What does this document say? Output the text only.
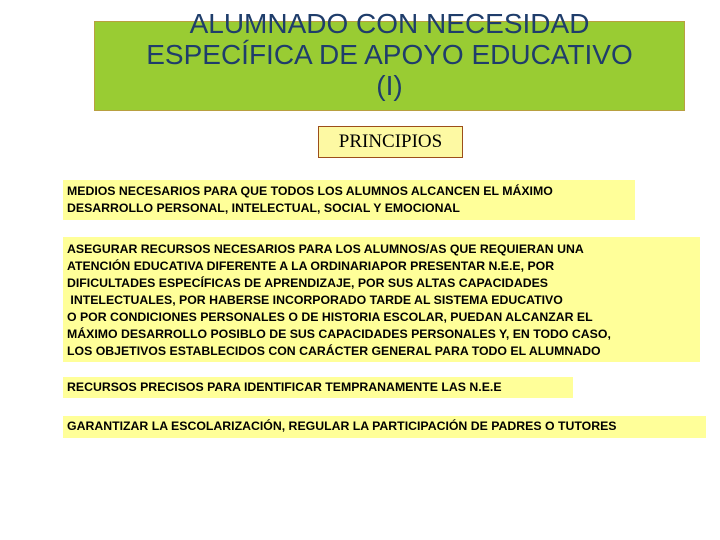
ALUMNADO CON NECESIDAD
ESPECÍFICA DE APOYO EDUCATIVO
(I)
PRINCIPIOS
MEDIOS NECESARIOS PARA QUE TODOS LOS ALUMNOS ALCANCEN EL MÁXIMO
DESARROLLO PERSONAL, INTELECTUAL, SOCIAL Y EMOCIONAL
ASEGURAR RECURSOS NECESARIOS PARA LOS ALUMNOS/AS QUE REQUIERAN UNA
ATENCIÓN EDUCATIVA DIFERENTE A LA ORDINARIAPOR PRESENTAR N.E.E, POR
DIFICULTADES ESPECÍFICAS DE APRENDIZAJE, POR SUS ALTAS CAPACIDADES
INTELECTUALES, POR HABERSE INCORPORADO TARDE AL SISTEMA EDUCATIVO
O POR CONDICIONES PERSONALES O DE HISTORIA ESCOLAR, PUEDAN ALCANZAR EL
MÁXIMO DESARROLLO POSIBLO DE SUS CAPACIDADES PERSONALES Y, EN TODO CASO,
LOS OBJETIVOS ESTABLECIDOS CON CARÁCTER GENERAL PARA TODO EL ALUMNADO
RECURSOS PRECISOS PARA IDENTIFICAR TEMPRANAMENTE LAS N.E.E
GARANTIZAR LA ESCOLARIZACIÓN, REGULAR LA PARTICIPACIÓN DE PADRES O TUTORES
